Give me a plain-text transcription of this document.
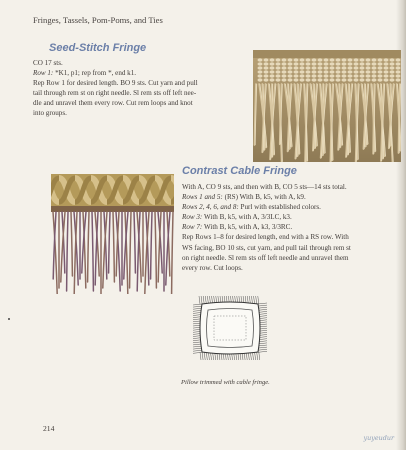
Fringes, Tassels, Pom-Poms, and Ties
Seed-Stitch Fringe
CO 17 sts.
Row 1: *K1, p1; rep from *, end k1.
Rep Row 1 for desired length. BO 9 sts. Cut yarn and pull
tail through rem st on right needle. Sl rem sts off left nee-
dle and unravel them every row. Cut rem loops and knot
into groups.
Contrast Cable Fringe
With A, CO 9 sts, and then with B, CO 5 sts—14 sts total.
Rows 1 and 5: (RS) With B, k5, with A, k9.
Rows 2, 4, 6, and 8: Purl with established colors.
Row 3: With B, k5, with A, 3/3LC, k3.
Row 7: With B, k5, with A, k3, 3/3RC.
Rep Rows 1–8 for desired length, end with a RS row. With
WS facing, BO 10 sts, cut yarn, and pull tail through rem st
on right needle. Sl rem sts off left needle and unravel them
every row. Cut loops.
Pillow trimmed with cable fringe.
214
yuyeudur
